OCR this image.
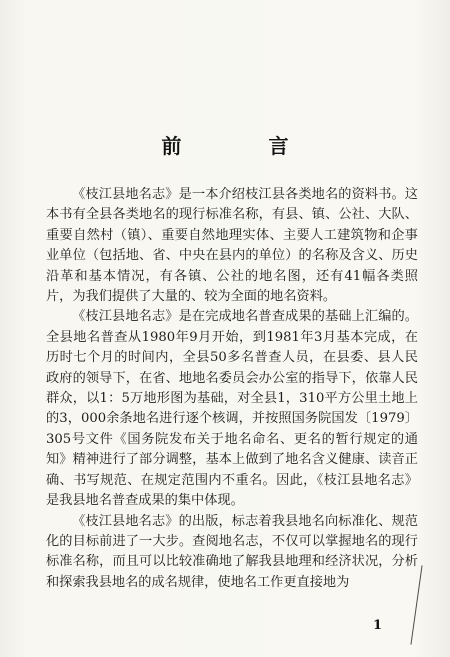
前 言

《枝江县地名志》是一本介绍枝江县各类地名的资料书。这本书有全县各类地名的现行标准名称，有县、镇、公社、大队、重要自然村（镇）、重要自然地理实体、主要人工建筑物和企事业单位（包括地、省、中央在县内的单位）的名称及含义、历史沿革和基本情况，有各镇、公社的地名图，还有41幅各类照片，为我们提供了大量的、较为全面的地名资料。

《枝江县地名志》是在完成地名普查成果的基础上汇编的。全县地名普查从1980年9月开始，到1981年3月基本完成，在历时七个月的时间内，全县50多名普查人员，在县委、县人民政府的领导下，在省、地地名委员会办公室的指导下，依靠人民群众，以1：5万地形图为基础，对全县1，310平方公里土地上的3，000余条地名进行逐个核调，并按照国务院国发〔1979〕305号文件《国务院发布关于地名命名、更名的暂行规定的通知》精神进行了部分调整，基本上做到了地名含义健康、读音正确、书写规范、在规定范围内不重名。因此，《枝江县地名志》是我县地名普查成果的集中体现。

《枝江县地名志》的出版，标志着我县地名向标准化、规范化的目标前进了一大步。查阅地名志，不仅可以掌握地名的现行标准名称，而且可以比较准确地了解我县地理和经济状况，分析和探索我县地名的成名规律，使地名工作更直接地为

1
